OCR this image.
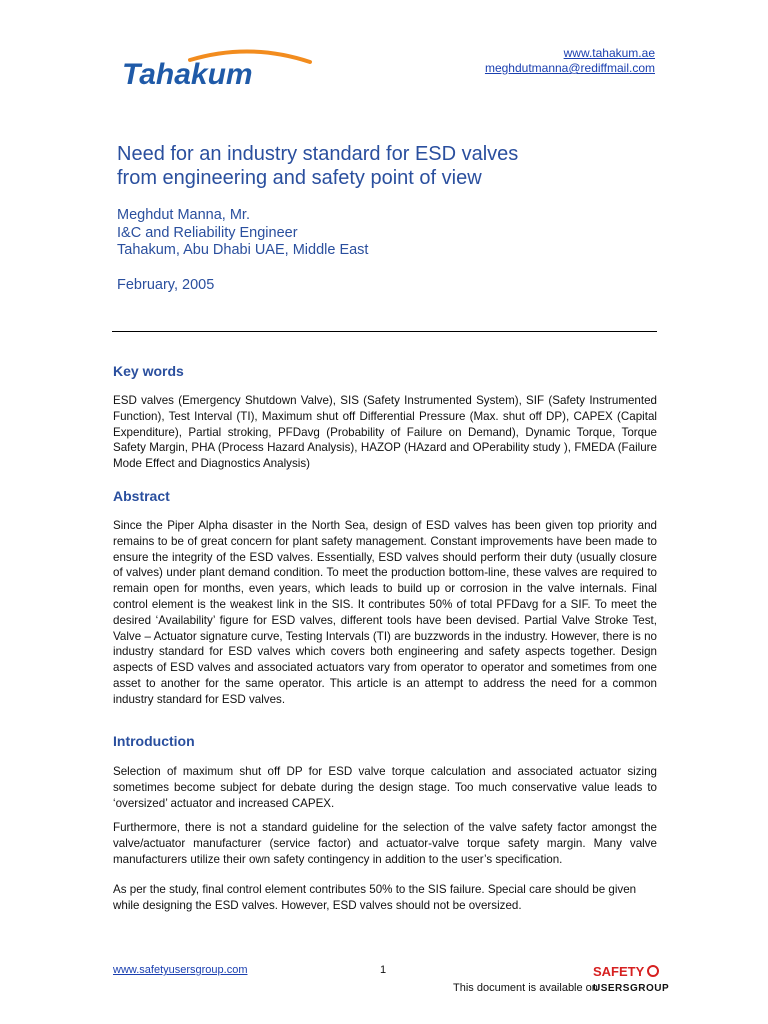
Tahakum
www.tahakum.ae
meghdutmanna@rediffmail.com
Need for an industry standard for ESD valves
from engineering and safety point of view
Meghdut Manna, Mr.
I&C and Reliability Engineer
Tahakum, Abu Dhabi UAE, Middle East
February, 2005
Key words
ESD valves (Emergency Shutdown Valve), SIS (Safety Instrumented System), SIF (Safety Instrumented Function), Test Interval (TI), Maximum shut off Differential Pressure (Max. shut off DP), CAPEX (Capital Expenditure), Partial stroking, PFDavg (Probability of Failure on Demand), Dynamic Torque, Torque Safety Margin, PHA (Process Hazard Analysis), HAZOP (HAzard and OPerability study ), FMEDA (Failure Mode Effect and Diagnostics Analysis)
Abstract
Since the Piper Alpha disaster in the North Sea, design of ESD valves has been given top priority and remains to be of great concern for plant safety management. Constant improvements have been made to ensure the integrity of the ESD valves. Essentially, ESD valves should perform their duty (usually closure of valves) under plant demand condition. To meet the production bottom-line, these valves are required to remain open for months, even years, which leads to build up or corrosion in the valve internals. Final control element is the weakest link in the SIS. It contributes 50% of total PFDavg for a SIF. To meet the desired ‘Availability’ figure for ESD valves, different tools have been devised. Partial Valve Stroke Test, Valve – Actuator signature curve, Testing Intervals (TI) are buzzwords in the industry. However, there is no industry standard for ESD valves which covers both engineering and safety aspects together. Design aspects of ESD valves and associated actuators vary from operator to operator and sometimes from one asset to another for the same operator. This article is an attempt to address the need for a common industry standard for ESD valves.
Introduction
Selection of maximum shut off DP for ESD valve torque calculation and associated actuator sizing sometimes become subject for debate during the design stage. Too much conservative value leads to ‘oversized’ actuator and increased CAPEX.
Furthermore, there is not a standard guideline for the selection of the valve safety factor amongst the valve/actuator manufacturer (service factor) and actuator-valve torque safety margin. Many valve manufacturers utilize their own safety contingency in addition to the user’s specification.
As per the study, final control element contributes 50% to the SIS failure. Special care should be given while designing the ESD valves. However, ESD valves should not be oversized.
www.safetyusersgroup.com	1
This document is available on
SAFETY
USERSGROUP
